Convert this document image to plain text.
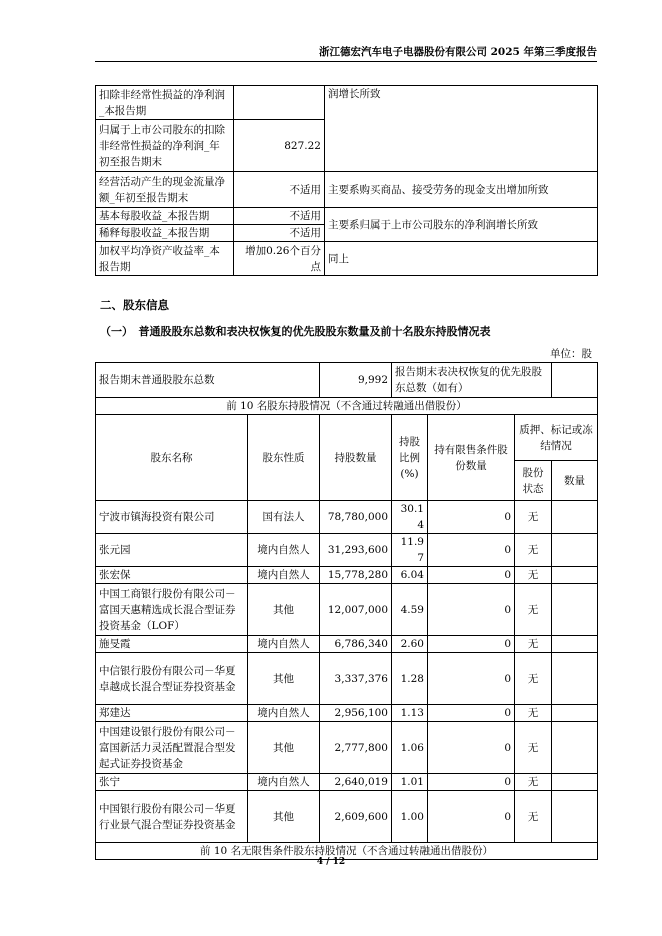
浙江德宏汽车电子电器股份有限公司 2025 年第三季度报告
扣除非经常性损益的净利润_本报告期		润增长所致
归属于上市公司股东的扣除非经常性损益的净利润_年初至报告期末	827.22	
经营活动产生的现金流量净额_年初至报告期末	不适用	主要系购买商品、接受劳务的现金支出增加所致
基本每股收益_本报告期	不适用	主要系归属于上市公司股东的净利润增长所致
稀释每股收益_本报告期	不适用	
加权平均净资产收益率_本报告期	增加0.26个百分点	同上
二、股东信息
（一）　普通股股东总数和表决权恢复的优先股股东数量及前十名股东持股情况表
单位：股
报告期末普通股股东总数		9,992	报告期末表决权恢复的优先股股东总数（如有）			
前 10 名股东持股情况（不含通过转融通出借股份）						
股东名称	股东性质	持股数量	持股比例(%)	持有限售条件股份数量	质押、标记或冻结情况	
					股份状态	数量
宁波市镇海投资有限公司	国有法人	78,780,000	30.14	0	无	
张元园	境内自然人	31,293,600	11.97	0	无	
张宏保	境内自然人	15,778,280	6.04	0	无	
中国工商银行股份有限公司－富国天惠精选成长混合型证券投资基金（LOF）	其他	12,007,000	4.59	0	无	
施旻霞	境内自然人	6,786,340	2.60	0	无	
中信银行股份有限公司－华夏卓越成长混合型证券投资基金	其他	3,337,376	1.28	0	无	
郑建达	境内自然人	2,956,100	1.13	0	无	
中国建设银行股份有限公司－富国新活力灵活配置混合型发起式证券投资基金	其他	2,777,800	1.06	0	无	
张宁	境内自然人	2,640,019	1.01	0	无	
中国银行股份有限公司－华夏行业景气混合型证券投资基金	其他	2,609,600	1.00	0	无	
前 10 名无限售条件股东持股情况（不含通过转融通出借股份）						
4 / 12
